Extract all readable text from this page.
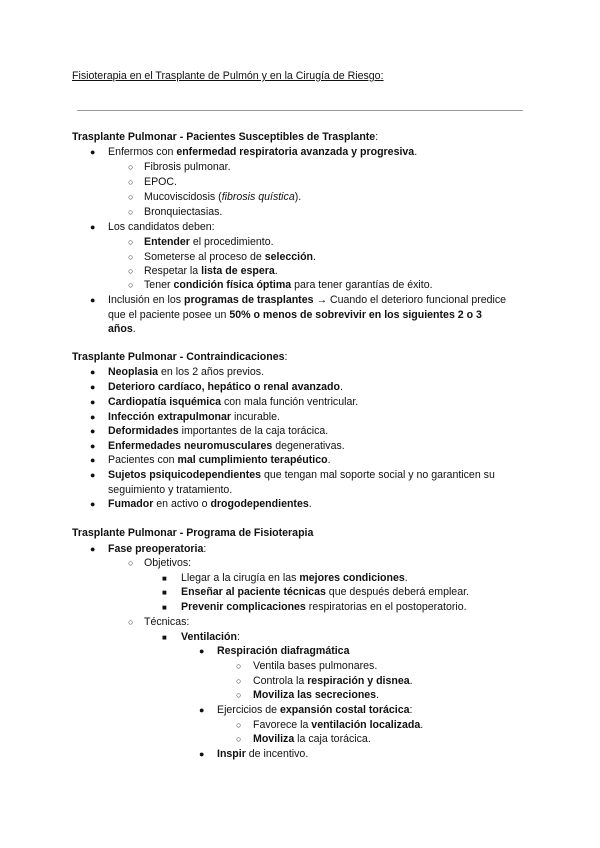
Fisioterapia en el Trasplante de Pulmón y en la Cirugía de Riesgo:
Trasplante Pulmonar - Pacientes Susceptibles de Trasplante:
●
Enfermos con enfermedad respiratoria avanzada y progresiva.
○
Fibrosis pulmonar.
○
EPOC.
○
Mucoviscidosis (fibrosis quística).
○
Bronquiectasias.
●
Los candidatos deben:
○
Entender el procedimiento.
○
Someterse al proceso de selección.
○
Respetar la lista de espera.
○
Tener condición física óptima para tener garantías de éxito.
●
Inclusión en los programas de trasplantes → Cuando el deterioro funcional predice
que el paciente posee un 50% o menos de sobrevivir en los siguientes 2 o 3
años.
Trasplante Pulmonar - Contraindicaciones:
●
Neoplasia en los 2 años previos.
●
Deterioro cardíaco, hepático o renal avanzado.
●
Cardiopatía isquémica con mala función ventricular.
●
Infección extrapulmonar incurable.
●
Deformidades importantes de la caja torácica.
●
Enfermedades neuromusculares degenerativas.
●
Pacientes con mal cumplimiento terapéutico.
●
Sujetos psiquicodependientes que tengan mal soporte social y no garanticen su
seguimiento y tratamiento.
●
Fumador en activo o drogodependientes.
Trasplante Pulmonar - Programa de Fisioterapia
●
Fase preoperatoria:
○
Objetivos:
■
Llegar a la cirugía en las mejores condiciones.
■
Enseñar al paciente técnicas que después deberá emplear.
■
Prevenir complicaciones respiratorias en el postoperatorio.
○
Técnicas:
■
Ventilación:
●
Respiración diafragmática
○
Ventila bases pulmonares.
○
Controla la respiración y disnea.
○
Moviliza las secreciones.
●
Ejercicios de expansión costal torácica:
○
Favorece la ventilación localizada.
○
Moviliza la caja torácica.
●
Inspir de incentivo.
